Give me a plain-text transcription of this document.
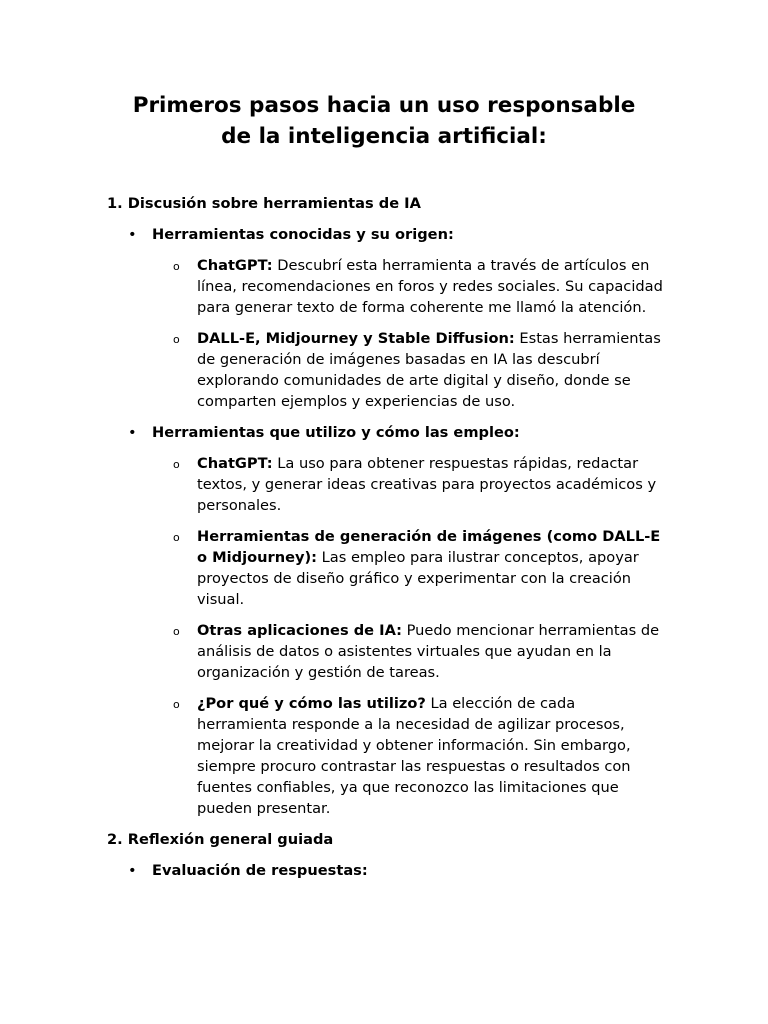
Primeros pasos hacia un uso responsable
de la inteligencia artificial:

1. Discusión sobre herramientas de IA

• Herramientas conocidas y su origen:
o ChatGPT: Descubrí esta herramienta a través de artículos en línea, recomendaciones en foros y redes sociales. Su capacidad para generar texto de forma coherente me llamó la atención.
o DALL-E, Midjourney y Stable Diffusion: Estas herramientas de generación de imágenes basadas en IA las descubrí explorando comunidades de arte digital y diseño, donde se comparten ejemplos y experiencias de uso.
• Herramientas que utilizo y cómo las empleo:
o ChatGPT: La uso para obtener respuestas rápidas, redactar textos, y generar ideas creativas para proyectos académicos y personales.
o Herramientas de generación de imágenes (como DALL-E o Midjourney): Las empleo para ilustrar conceptos, apoyar proyectos de diseño gráfico y experimentar con la creación visual.
o Otras aplicaciones de IA: Puedo mencionar herramientas de análisis de datos o asistentes virtuales que ayudan en la organización y gestión de tareas.
o ¿Por qué y cómo las utilizo? La elección de cada herramienta responde a la necesidad de agilizar procesos, mejorar la creatividad y obtener información. Sin embargo, siempre procuro contrastar las respuestas o resultados con fuentes confiables, ya que reconozco las limitaciones que pueden presentar.

2. Reflexión general guiada

• Evaluación de respuestas:
